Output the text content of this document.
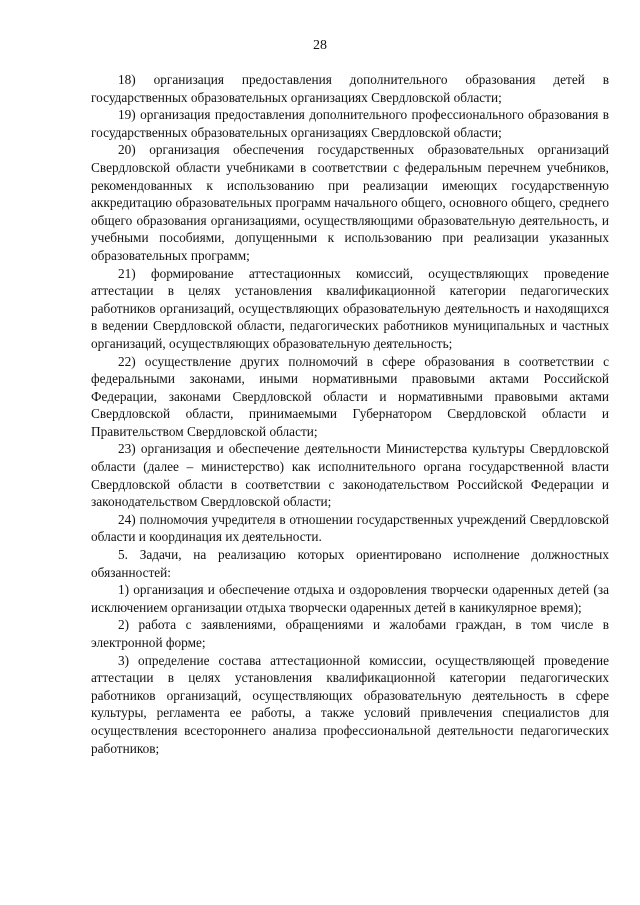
28

18) организация предоставления дополнительного образования детей в государственных образовательных организациях Свердловской области;

19) организация предоставления дополнительного профессионального образования в государственных образовательных организациях Свердловской области;

20) организация обеспечения государственных образовательных организаций Свердловской области учебниками в соответствии с федеральным перечнем учебников, рекомендованных к использованию при реализации имеющих государственную аккредитацию образовательных программ начального общего, основного общего, среднего общего образования организациями, осуществляющими образовательную деятельность, и учебными пособиями, допущенными к использованию при реализации указанных образовательных программ;

21) формирование аттестационных комиссий, осуществляющих проведение аттестации в целях установления квалификационной категории педагогических работников организаций, осуществляющих образовательную деятельность и находящихся в ведении Свердловской области, педагогических работников муниципальных и частных организаций, осуществляющих образовательную деятельность;

22) осуществление других полномочий в сфере образования в соответствии с федеральными законами, иными нормативными правовыми актами Российской Федерации, законами Свердловской области и нормативными правовыми актами Свердловской области, принимаемыми Губернатором Свердловской области и Правительством Свердловской области;

23) организация и обеспечение деятельности Министерства культуры Свердловской области (далее – министерство) как исполнительного органа государственной власти Свердловской области в соответствии с законодательством Российской Федерации и законодательством Свердловской области;

24) полномочия учредителя в отношении государственных учреждений Свердловской области и координация их деятельности.

5. Задачи, на реализацию которых ориентировано исполнение должностных обязанностей:

1) организация и обеспечение отдыха и оздоровления творчески одаренных детей (за исключением организации отдыха творчески одаренных детей в каникулярное время);

2) работа с заявлениями, обращениями и жалобами граждан, в том числе в электронной форме;

3) определение состава аттестационной комиссии, осуществляющей проведение аттестации в целях установления квалификационной категории педагогических работников организаций, осуществляющих образовательную деятельность в сфере культуры, регламента ее работы, а также условий привлечения специалистов для осуществления всестороннего анализа профессиональной деятельности педагогических работников;
